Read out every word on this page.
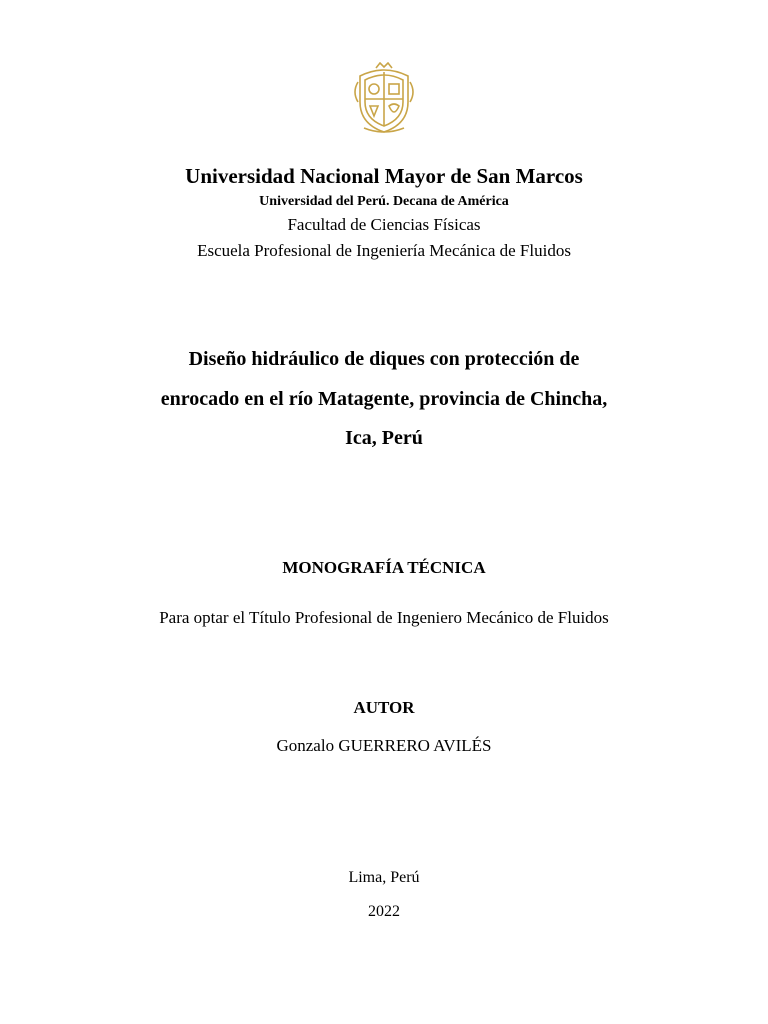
Universidad Nacional Mayor de San Marcos
Universidad del Perú. Decana de América
Facultad de Ciencias Físicas
Escuela Profesional de Ingeniería Mecánica de Fluidos
Diseño hidráulico de diques con protección de
enrocado en el río Matagente, provincia de Chincha,
Ica, Perú
MONOGRAFÍA TÉCNICA
Para optar el Título Profesional de Ingeniero Mecánico de Fluidos
AUTOR
Gonzalo GUERRERO AVILÉS
Lima, Perú
2022
